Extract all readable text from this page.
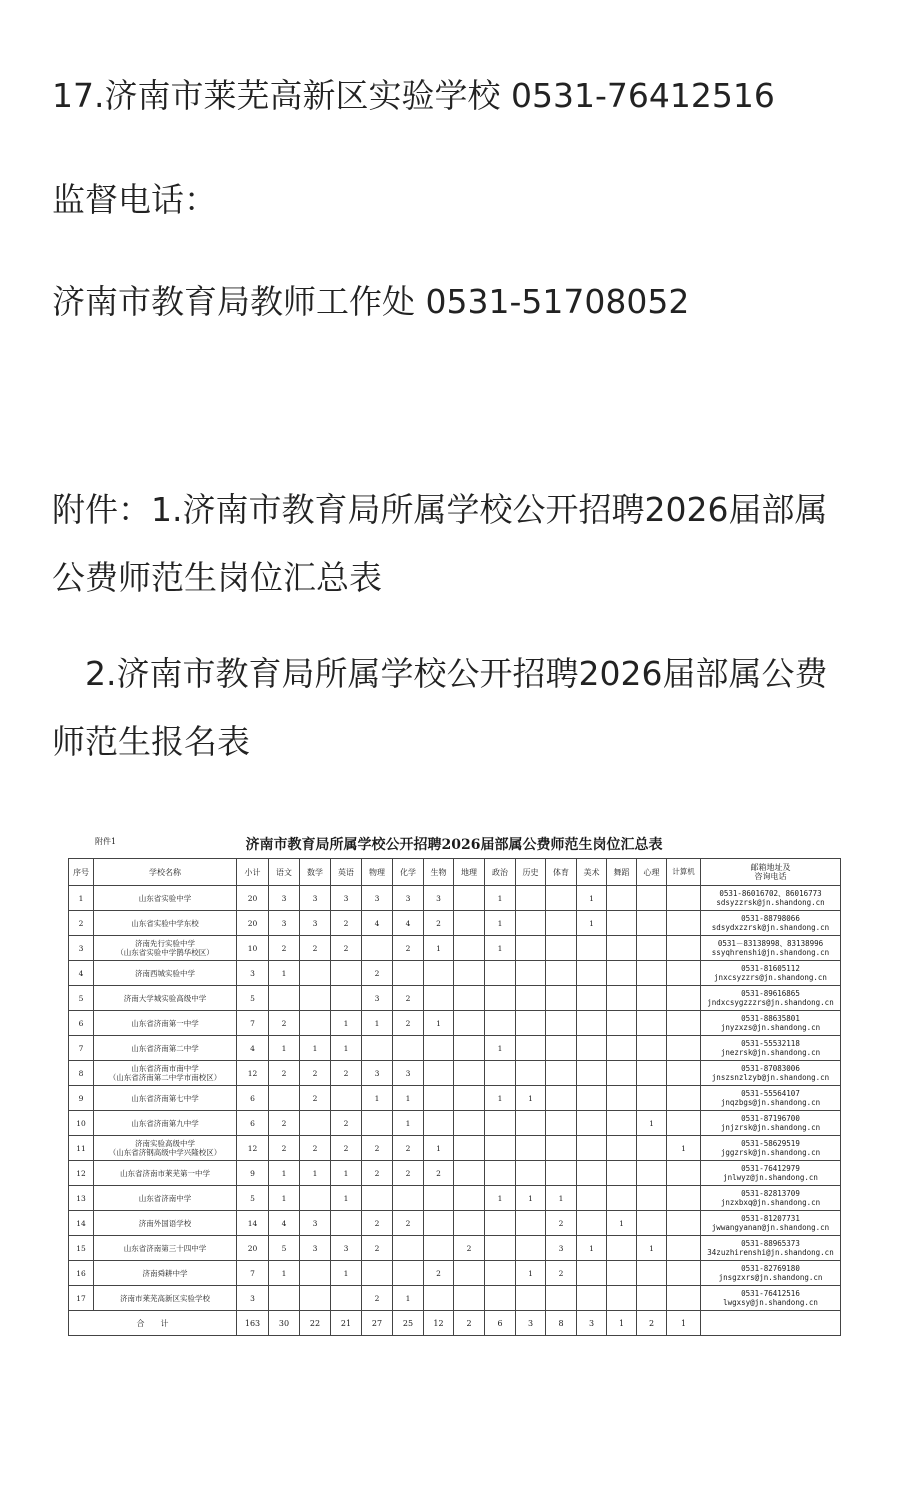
17.济南市莱芜高新区实验学校 0531-76412516
监督电话：
济南市教育局教师工作处 0531-51708052
附件：1.济南市教育局所属学校公开招聘2026届部属公费师范生岗位汇总表
　2.济南市教育局所属学校公开招聘2026届部属公费师范生报名表
附件1	济南市教育局所属学校公开招聘2026届部属公费师范生岗位汇总表
序号	学校名称	小计	语文	数学	英语	物理	化学	生物	地理	政治	历史	体育	美术	舞蹈	心理	计算机	邮箱地址及
咨询电话

1	山东省实验中学	20	3	3	3	3	3	3		1			1				0531-86016702、86016773
sdsyzzrsk@jn.shandong.cn

2	山东省实验中学东校	20	3	3	2	4	4	2		1			1				0531-88798066
sdsydxzzrsk@jn.shandong.cn

3	济南先行实验中学
（山东省实验中学鹊华校区）	10	2	2	2		2	1		1							0531－83138998、83138996
ssyqhrenshi@jn.shandong.cn

4	济南西城实验中学	3	1			2											0531-81605112
jnxcsyzzrs@jn.shandong.cn

5	济南大学城实验高级中学	5				3	2										0531-89616865
jndxcsygzzzrs@jn.shandong.cn

6	山东省济南第一中学	7	2		1	1	2	1									0531-88635801
jnyzxzs@jn.shandong.cn

7	山东省济南第二中学	4	1	1	1					1							0531-55532118
jnezrsk@jn.shandong.cn

8	山东省济南市南中学
（山东省济南第二中学市南校区）	12	2	2	2	3	3										0531-87083006
jnszsnzlzyb@jn.shandong.cn

9	山东省济南第七中学	6		2		1	1			1	1						0531-55564107
jnqzbgs@jn.shandong.cn

10	山东省济南第九中学	6	2		2		1								1		0531-87196700
jnjzrsk@jn.shandong.cn

11	济南实验高级中学
（山东省济钢高级中学兴隆校区）	12	2	2	2	2	2	1								1	0531-58629519
jggzrsk@jn.shandong.cn

12	山东省济南市莱芜第一中学	9	1	1	1	2	2	2									0531-76412979
jnlwyz@jn.shandong.cn

13	山东省济南中学	5	1		1					1	1	1					0531-82813709
jnzxbxq@jn.shandong.cn

14	济南外国语学校	14	4	3		2	2					2		1			0531-81207731
jwwangyanan@jn.shandong.cn

15	山东省济南第三十四中学	20	5	3	3	2			2			3	1		1		0531-88965373
34zuzhirenshi@jn.shandong.cn

16	济南舜耕中学	7	1		1			2			1	2					0531-82769180
jnsgzxrs@jn.shandong.cn

17	济南市莱芜高新区实验学校	3				2	1										0531-76412516
lwgxsy@jn.shandong.cn

合　　计		163	30	22	21	27	25	12	2	6	3	8	3	1	2	1	
